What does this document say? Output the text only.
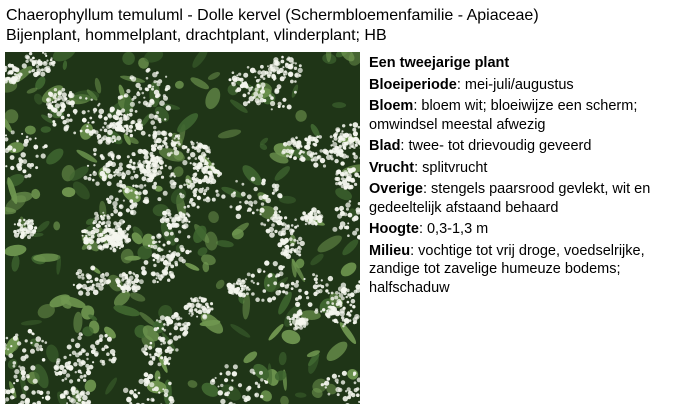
Chaerophyllum temuluml - Dolle kervel (Schermbloemenfamilie - Apiaceae)
Bijenplant, hommelplant, drachtplant, vlinderplant; HB
Een tweejarige plant
Bloeiperiode: mei-juli/augustus
Bloem: bloem wit; bloeiwijze een scherm; omwindsel meestal afwezig
Blad: twee- tot drievoudig geveerd
Vrucht: splitvrucht
Overige: stengels paarsrood gevlekt, wit en gedeeltelijk afstaand behaard
Hoogte: 0,3-1,3 m
Milieu: vochtige tot vrij droge, voedselrijke, zandige tot zavelige humeuze bodems; halfschaduw
